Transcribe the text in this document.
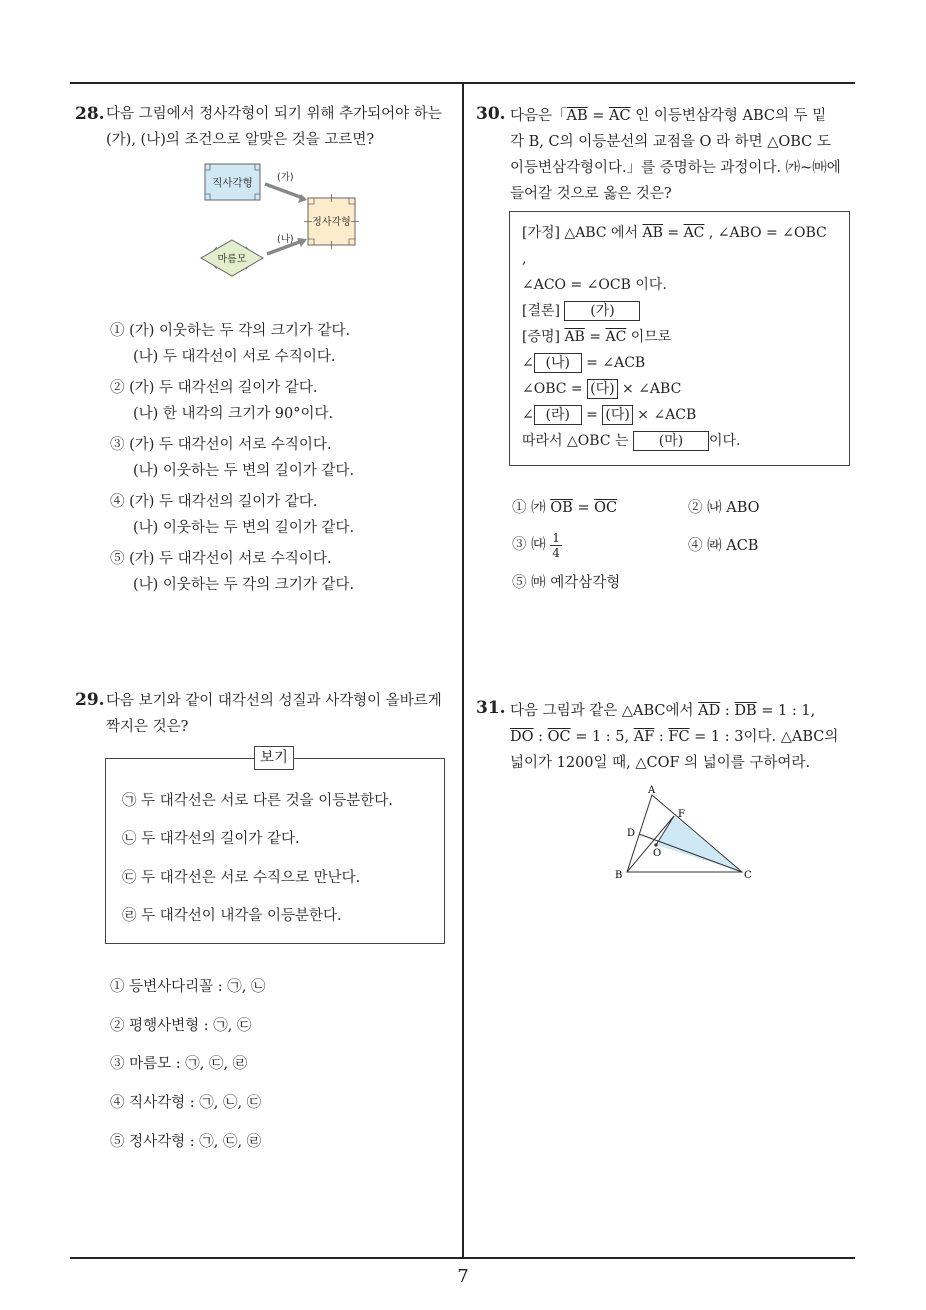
28. 다음 그림에서 정사각형이 되기 위해 추가되어야 하는
(가), (나)의 조건으로 알맞은 것을 고르면?
직사각형	(가)
정사각형
(나)
마름모
① (가) 이웃하는 두 각의 크기가 같다.
(나) 두 대각선이 서로 수직이다.
② (가) 두 대각선의 길이가 같다.
(나) 한 내각의 크기가 90°이다.
③ (가) 두 대각선이 서로 수직이다.
(나) 이웃하는 두 변의 길이가 같다.
④ (가) 두 대각선의 길이가 같다.
(나) 이웃하는 두 변의 길이가 같다.
⑤ (가) 두 대각선이 서로 수직이다.
(나) 이웃하는 두 각의 크기가 같다.
29. 다음 보기와 같이 대각선의 성질과 사각형이 올바르게
짝지은 것은?
보기
㉠ 두 대각선은 서로 다른 것을 이등분한다.
㉡ 두 대각선의 길이가 같다.
㉢ 두 대각선은 서로 수직으로 만난다.
㉣ 두 대각선이 내각을 이등분한다.
① 등변사다리꼴 : ㉠, ㉡
② 평행사변형 : ㉠, ㉢
③ 마름모 : ㉠, ㉢, ㉣
④ 직사각형 : ㉠, ㉡, ㉢
⑤ 정사각형 : ㉠, ㉢, ㉣
30. 다음은「$\overline{AB} = \overline{AC}$ 인 이등변삼각형 ABC의 두 밑
각 B, C의 이등분선의 교점을 O 라 하면 △OBC 도
이등변삼각형이다.」를 증명하는 과정이다. ㈎~㈒에
들어갈 것으로 옳은 것은?
[가정] △ABC 에서 $\overline{AB} = \overline{AC}$ , ∠ABO = ∠OBC
,
∠ACO = ∠OCB 이다.
[결론] (가)
[증명] $\overline{AB} = \overline{AC}$ 이므로
∠ (나) = ∠ACB
∠OBC = (다) × ∠ABC
∠ (라) = (다) × ∠ACB
따라서 △OBC 는 (마) 이다.
① ㈎ $\overline{OB} = \overline{OC}$	② ㈏ ABO
③ ㈐ $\frac{1}{4}$	④ ㈑ ACB
⑤ ㈒ 예각삼각형
31. 다음 그림과 같은 △ABC에서 $\overline{AD}$ : $\overline{DB} = 1$ : 1,
$\overline{DO}$ : $\overline{OC} = 1$ : 5, $\overline{AF}$ : $\overline{FC} = 1$ : 3이다. △ABC의
넓이가 1200일 때, △COF 의 넓이를 구하여라.
A
B	C
D
F
O
7
